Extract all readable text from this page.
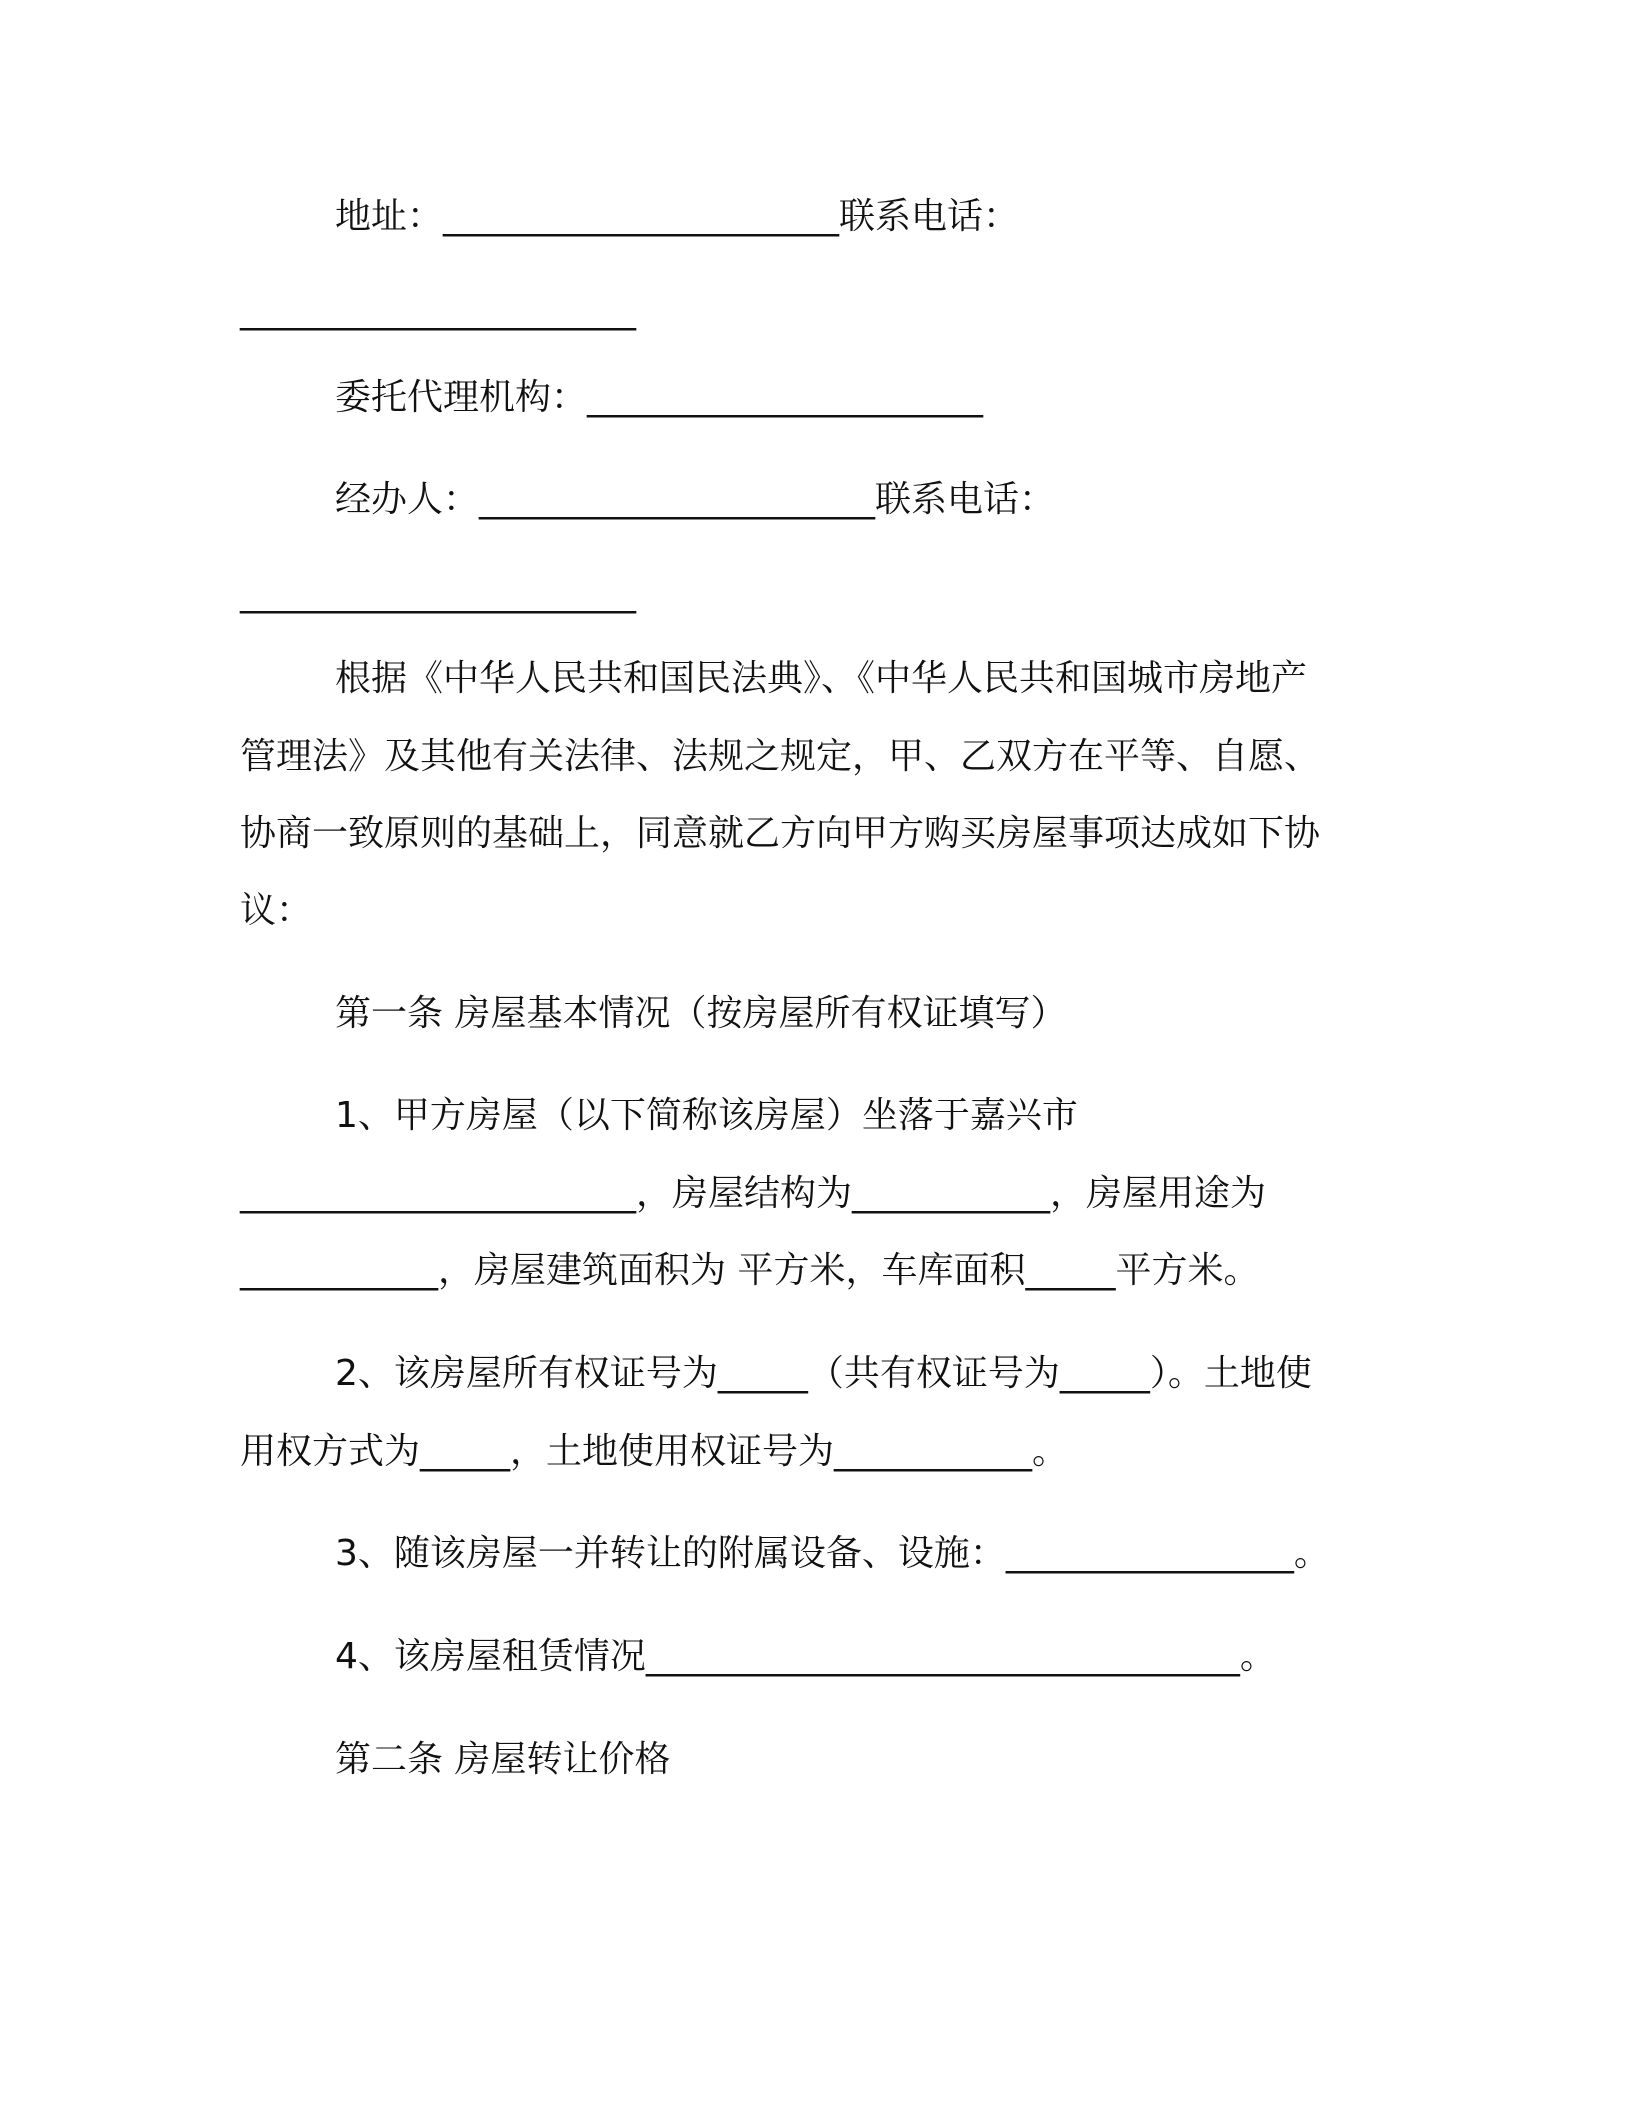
地址：______________________联系电话：
______________________
委托代理机构：______________________
经办人：______________________联系电话：
______________________
根据《中华人民共和国民法典》、《中华人民共和国城市房地产
管理法》及其他有关法律、法规之规定，甲、乙双方在平等、自愿、
协商一致原则的基础上，同意就乙方向甲方购买房屋事项达成如下协
议：
第一条 房屋基本情况（按房屋所有权证填写）
1、甲方房屋（以下简称该房屋）坐落于嘉兴市
______________________，房屋结构为___________，房屋用途为
___________，房屋建筑面积为 平方米，车库面积_____平方米。
2、该房屋所有权证号为_____（共有权证号为_____）。土地使
用权方式为_____，土地使用权证号为___________。
3、随该房屋一并转让的附属设备、设施：________________。
4、该房屋租赁情况_________________________________。
第二条 房屋转让价格
